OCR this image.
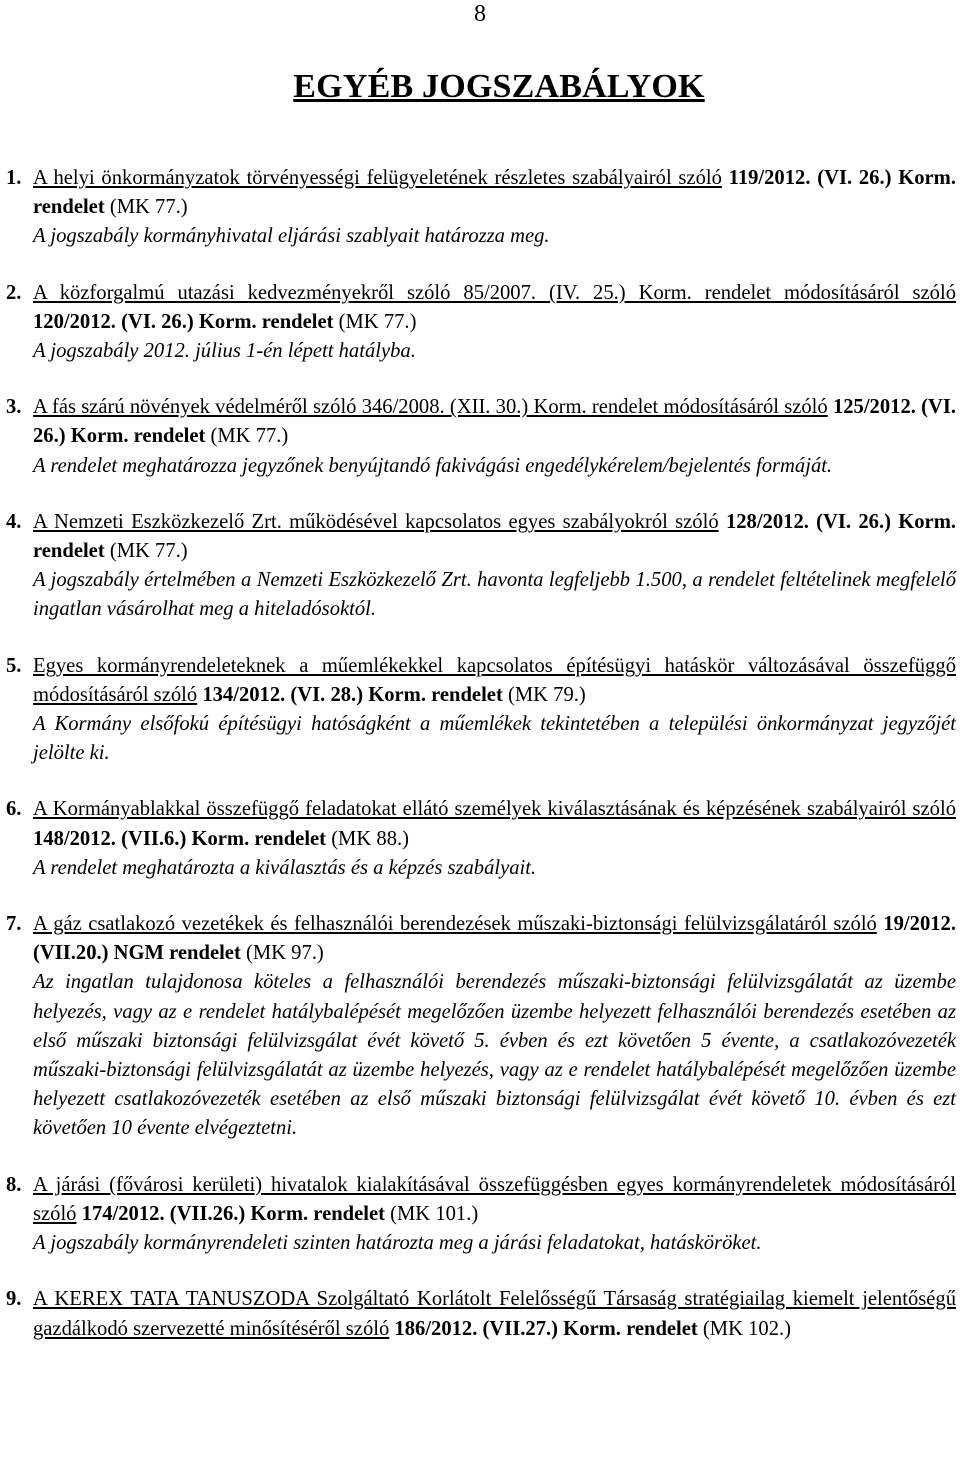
8
EGYÉB JOGSZABÁLYOK
1. A helyi önkormányzatok törvényességi felügyeletének részletes szabályairól szóló 119/2012. (VI. 26.) Korm. rendelet (MK 77.)
A jogszabály kormányhivatal eljárási szablyait határozza meg.
2. A közforgalmú utazási kedvezményekről szóló 85/2007. (IV. 25.) Korm. rendelet módosításáról szóló 120/2012. (VI. 26.) Korm. rendelet (MK 77.)
A jogszabály 2012. július 1-én lépett hatályba.
3. A fás szárú növények védelméről szóló 346/2008. (XII. 30.) Korm. rendelet módosításáról szóló 125/2012. (VI. 26.) Korm. rendelet (MK 77.)
A rendelet meghatározza jegyzőnek benyújtandó fakivágási engedélykérelem/bejelentés formáját.
4. A Nemzeti Eszközkezelő Zrt. működésével kapcsolatos egyes szabályokról szóló 128/2012. (VI. 26.) Korm. rendelet (MK 77.)
A jogszabály értelmében a Nemzeti Eszközkezelő Zrt. havonta legfeljebb 1.500, a rendelet feltételinek megfelelő ingatlan vásárolhat meg a hiteladósoktól.
5. Egyes kormányrendeleteknek a műemlékekkel kapcsolatos építésügyi hatáskör változásával összefüggő módosításáról szóló 134/2012. (VI. 28.) Korm. rendelet (MK 79.)
A Kormány elsőfokú építésügyi hatóságként a műemlékek tekintetében a települési önkormányzat jegyzőjét jelölte ki.
6. A Kormányablakkal összefüggő feladatokat ellátó személyek kiválasztásának és képzésének szabályairól szóló 148/2012. (VII.6.) Korm. rendelet (MK 88.)
A rendelet meghatározta a kiválasztás és a képzés szabályait.
7. A gáz csatlakozó vezetékek és felhasználói berendezések műszaki-biztonsági felülvizsgálatáról szóló 19/2012. (VII.20.) NGM rendelet (MK 97.)
Az ingatlan tulajdonosa köteles a felhasználói berendezés műszaki-biztonsági felülvizsgálatát az üzembe helyezés, vagy az e rendelet hatálybalépését megelőzően üzembe helyezett felhasználói berendezés esetében az első műszaki biztonsági felülvizsgálat évét követő 5. évben és ezt követően 5 évente, a csatlakozóvezeték műszaki-biztonsági felülvizsgálatát az üzembe helyezés, vagy az e rendelet hatálybalépését megelőzően üzembe helyezett csatlakozóvezeték esetében az első műszaki biztonsági felülvizsgálat évét követő 10. évben és ezt követően 10 évente elvégeztetni.
8. A járási (fővárosi kerületi) hivatalok kialakításával összefüggésben egyes kormányrendeletek módosításáról szóló 174/2012. (VII.26.) Korm. rendelet (MK 101.)
A jogszabály kormányrendeleti szinten határozta meg a járási feladatokat, hatásköröket.
9. A KEREX TATA TANUSZODA Szolgáltató Korlátolt Felelősségű Társaság stratégiailag kiemelt jelentőségű gazdálkodó szervezetté minősítéséről szóló 186/2012. (VII.27.) Korm. rendelet (MK 102.)
